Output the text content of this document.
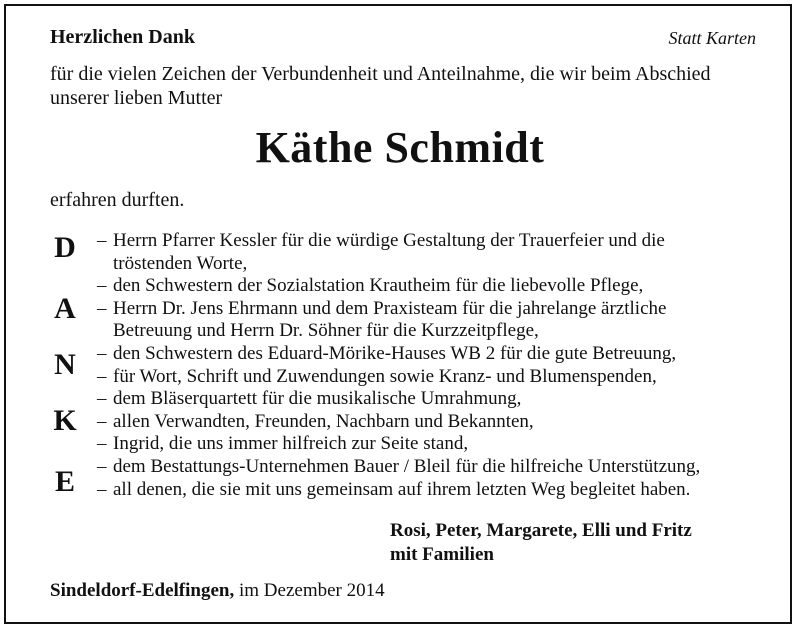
Herzlichen Dank	Statt Karten
für die vielen Zeichen der Verbundenheit und Anteilnahme, die wir beim Abschied
unserer lieben Mutter
Käthe Schmidt
erfahren durften.
D
A
N
K
E
– Herrn Pfarrer Kessler für die würdige Gestaltung der Trauerfeier und die
tröstenden Worte,
– den Schwestern der Sozialstation Krautheim für die liebevolle Pflege,
– Herrn Dr. Jens Ehrmann und dem Praxisteam für die jahrelange ärztliche
Betreuung und Herrn Dr. Söhner für die Kurzzeitpflege,
– den Schwestern des Eduard-Mörike-Hauses WB 2 für die gute Betreuung,
– für Wort, Schrift und Zuwendungen sowie Kranz- und Blumenspenden,
– dem Bläserquartett für die musikalische Umrahmung,
– allen Verwandten, Freunden, Nachbarn und Bekannten,
– Ingrid, die uns immer hilfreich zur Seite stand,
– dem Bestattungs-Unternehmen Bauer / Bleil für die hilfreiche Unterstützung,
– all denen, die sie mit uns gemeinsam auf ihrem letzten Weg begleitet haben.
Rosi, Peter, Margarete, Elli und Fritz
mit Familien
Sindeldorf-Edelfingen, im Dezember 2014
